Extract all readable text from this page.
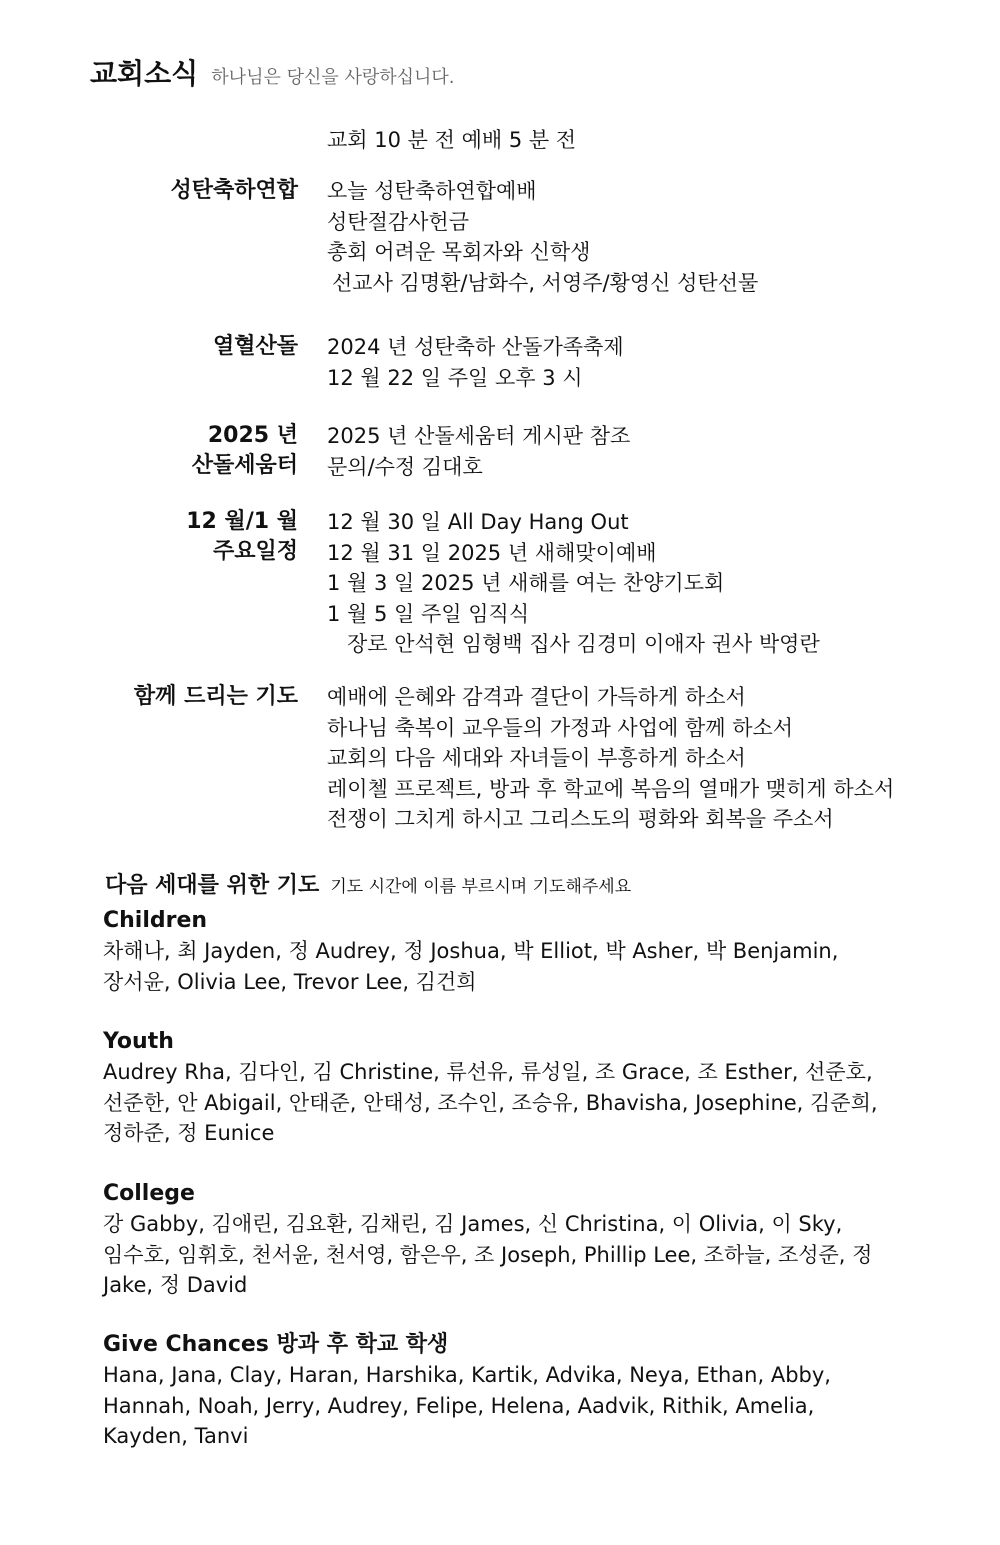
교회소식 하나님은 당신을 사랑하십니다.
교회 10 분 전 예배 5 분 전
성탄축하연합 오늘 성탄축하연합예배
성탄절감사헌금
총회 어려운 목회자와 신학생
선교사 김명환/남화수, 서영주/황영신 성탄선물
열혈산돌 2024 년 성탄축하 산돌가족축제
12 월 22 일 주일 오후 3 시
2025 년
산돌세움터
2025 년 산돌세움터 게시판 참조
문의/수정 김대호
12 월/1 월
주요일정
12 월 30 일 All Day Hang Out
12 월 31 일 2025 년 새해맞이예배
1 월 3 일 2025 년 새해를 여는 찬양기도회
1 월 5 일 주일 임직식
장로 안석현 임형백 집사 김경미 이애자 권사 박영란
함께 드리는 기도 예배에 은혜와 감격과 결단이 가득하게 하소서
하나님 축복이 교우들의 가정과 사업에 함께 하소서
교회의 다음 세대와 자녀들이 부흥하게 하소서
레이첼 프로젝트, 방과 후 학교에 복음의 열매가 맺히게 하소서
전쟁이 그치게 하시고 그리스도의 평화와 회복을 주소서
다음 세대를 위한 기도 기도 시간에 이름 부르시며 기도해주세요
Children
차해나, 최 Jayden, 정 Audrey, 정 Joshua, 박 Elliot, 박 Asher, 박 Benjamin,
장서윤, Olivia Lee, Trevor Lee, 김건희
Youth
Audrey Rha, 김다인, 김 Christine, 류선유, 류성일, 조 Grace, 조 Esther, 선준호,
선준한, 안 Abigail, 안태준, 안태성, 조수인, 조승유, Bhavisha, Josephine, 김준희,
정하준, 정 Eunice
College
강 Gabby, 김애린, 김요환, 김채린, 김 James, 신 Christina, 이 Olivia, 이 Sky,
임수호, 임휘호, 천서윤, 천서영, 함은우, 조 Joseph, Phillip Lee, 조하늘, 조성준, 정
Jake, 정 David
Give Chances 방과 후 학교 학생
Hana, Jana, Clay, Haran, Harshika, Kartik, Advika, Neya, Ethan, Abby,
Hannah, Noah, Jerry, Audrey, Felipe, Helena, Aadvik, Rithik, Amelia,
Kayden, Tanvi
